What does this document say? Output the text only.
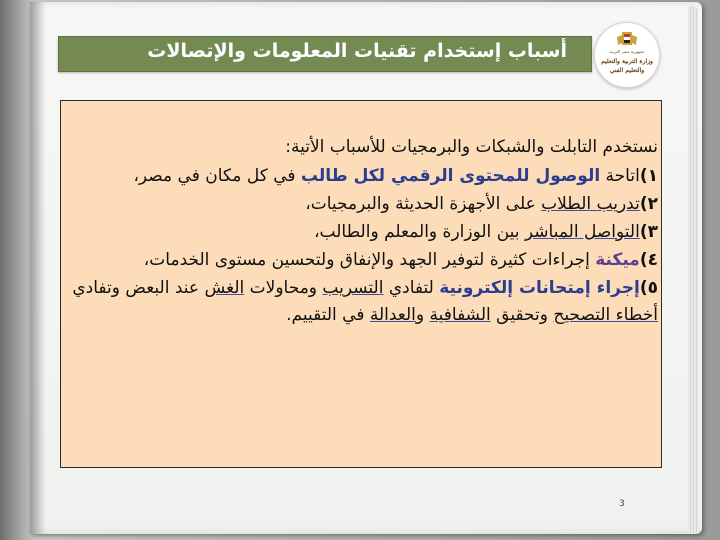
أسباب إستخدام تقنيات المعلومات والإتصالات	جمهورية مصر العربية
وزارة التربية والتعليم
والتعليم الفني

نستخدم التابلت والشبكات والبرمجيات للأسباب الأتية:

١)اتاحة الوصول للمحتوى الرقمي لكل طالب في كل مكان في مصر،

٢)تدريب الطلاب على الأجهزة الحديثة والبرمجيات،

٣)التواصل المباشر بين الوزارة والمعلم والطالب،

٤)ميكنة إجراءات كثيرة لتوفير الجهد والإنفاق ولتحسين مستوى الخدمات،

٥)إجراء إمتحانات إلكترونية لتفادي التسريب ومحاولات الغش عند البعض وتفادي أخطاء التصحيح وتحقيق الشفافية والعدالة في التقييم.

3
